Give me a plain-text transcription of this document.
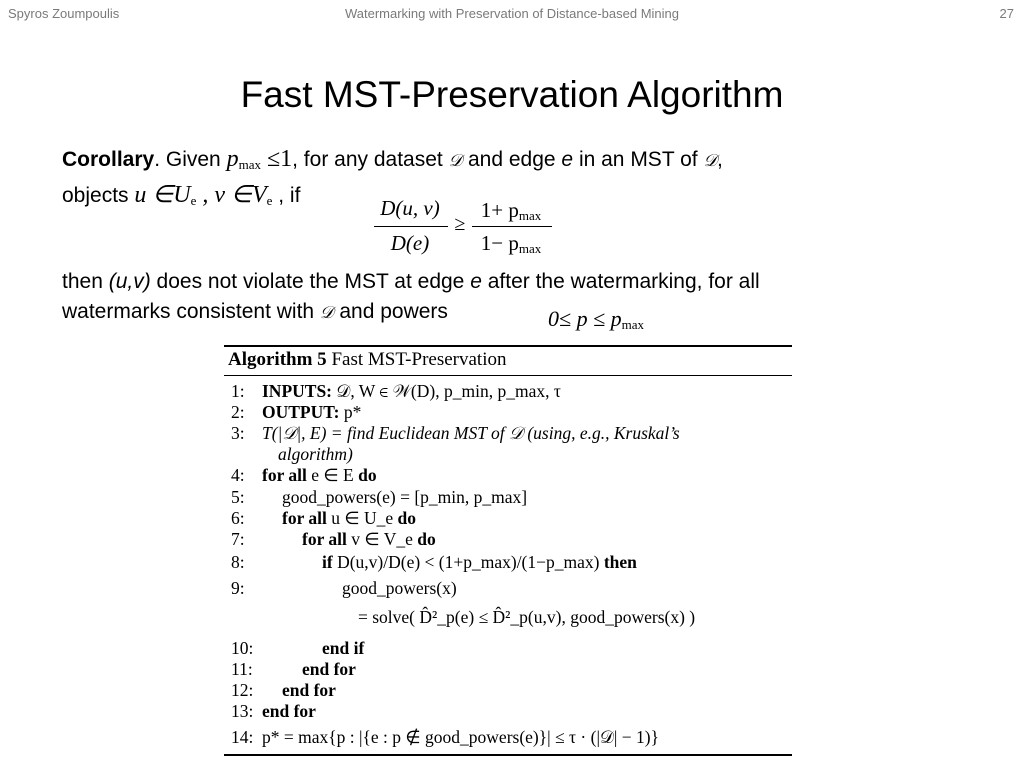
Spyros Zoumpoulis	Watermarking with Preservation of Distance-based Mining	27
Fast MST-Preservation Algorithm
Corollary. Given $p_{max} \le 1$, for any dataset 𝒟 and edge e in an MST of 𝒟,
objects u $\in U_e$ , v $\in V_e$ , if
D(u, v)
D(e)
≥
$1+ p_{max}$
$1- p_{max}$
then (u,v) does not violate the MST at edge e after the watermarking, for all
watermarks consistent with 𝒟 and powers	$0\le p \le p_{max}$
Algorithm 5 Fast MST-Preservation
1: INPUTS: 𝒟, W ∈ 𝒲(D), p_min, p_max, τ
2: OUTPUT: p*
3: T(|𝒟|, E) = find Euclidean MST of 𝒟 (using, e.g., Kruskal’s
algorithm)
4: for all e ∈ E do
5: good_powers(e) = [p_min, p_max]
6: for all u ∈ U_e do
7:	for all v ∈ V_e do
8:	if D(u,v)/D(e) < (1+p_max)/(1−p_max) then
9:	good_powers(x)
= solve( D̂²_p(e) ≤ D̂²_p(u,v), good_powers(x) )
10:	end if
11:	end for
12: end for
13: end for
14: p* = max{p : |{e : p ∉ good_powers(e)}| ≤ τ · (|𝒟| − 1)}
